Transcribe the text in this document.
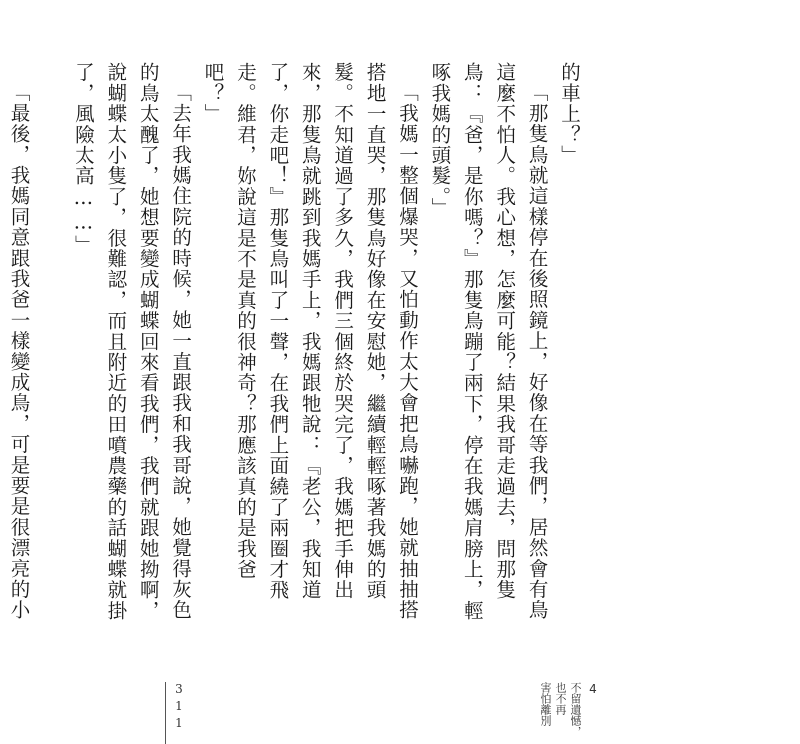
的車上？」

「那隻鳥就這樣停在後照鏡上，好像在等我們，居然會有鳥這麼不怕人。我心想，怎麼可能？結果我哥走過去，問那隻鳥：『爸，是你嗎？』那隻鳥蹦了兩下，停在我媽肩膀上，輕啄我媽的頭髮。」

「我媽一整個爆哭，又怕動作太大會把鳥嚇跑，她就抽抽搭搭地一直哭，那隻鳥好像在安慰她，繼續輕輕啄著我媽的頭髮。不知道過了多久，我們三個終於哭完了，我媽把手伸出來，那隻鳥就跳到我媽手上，我媽跟牠說：『老公，我知道了，你走吧！』那隻鳥叫了一聲，在我們上面繞了兩圈才飛走。維君，妳說這是不是真的很神奇？那應該真的是我爸吧？」

「去年我媽住院的時候，她一直跟我和我哥說，她覺得灰色的鳥太醜了，她想要變成蝴蝶回來看我們，我們就跟她拗啊，說蝴蝶太小隻了，很難認，而且附近的田噴農藥的話蝴蝶就掛了，風險太高……」

「最後，我媽同意跟我爸一樣變成鳥，可是要是很漂亮的小

4
不留遺憾，
也不再
害怕離別
311
